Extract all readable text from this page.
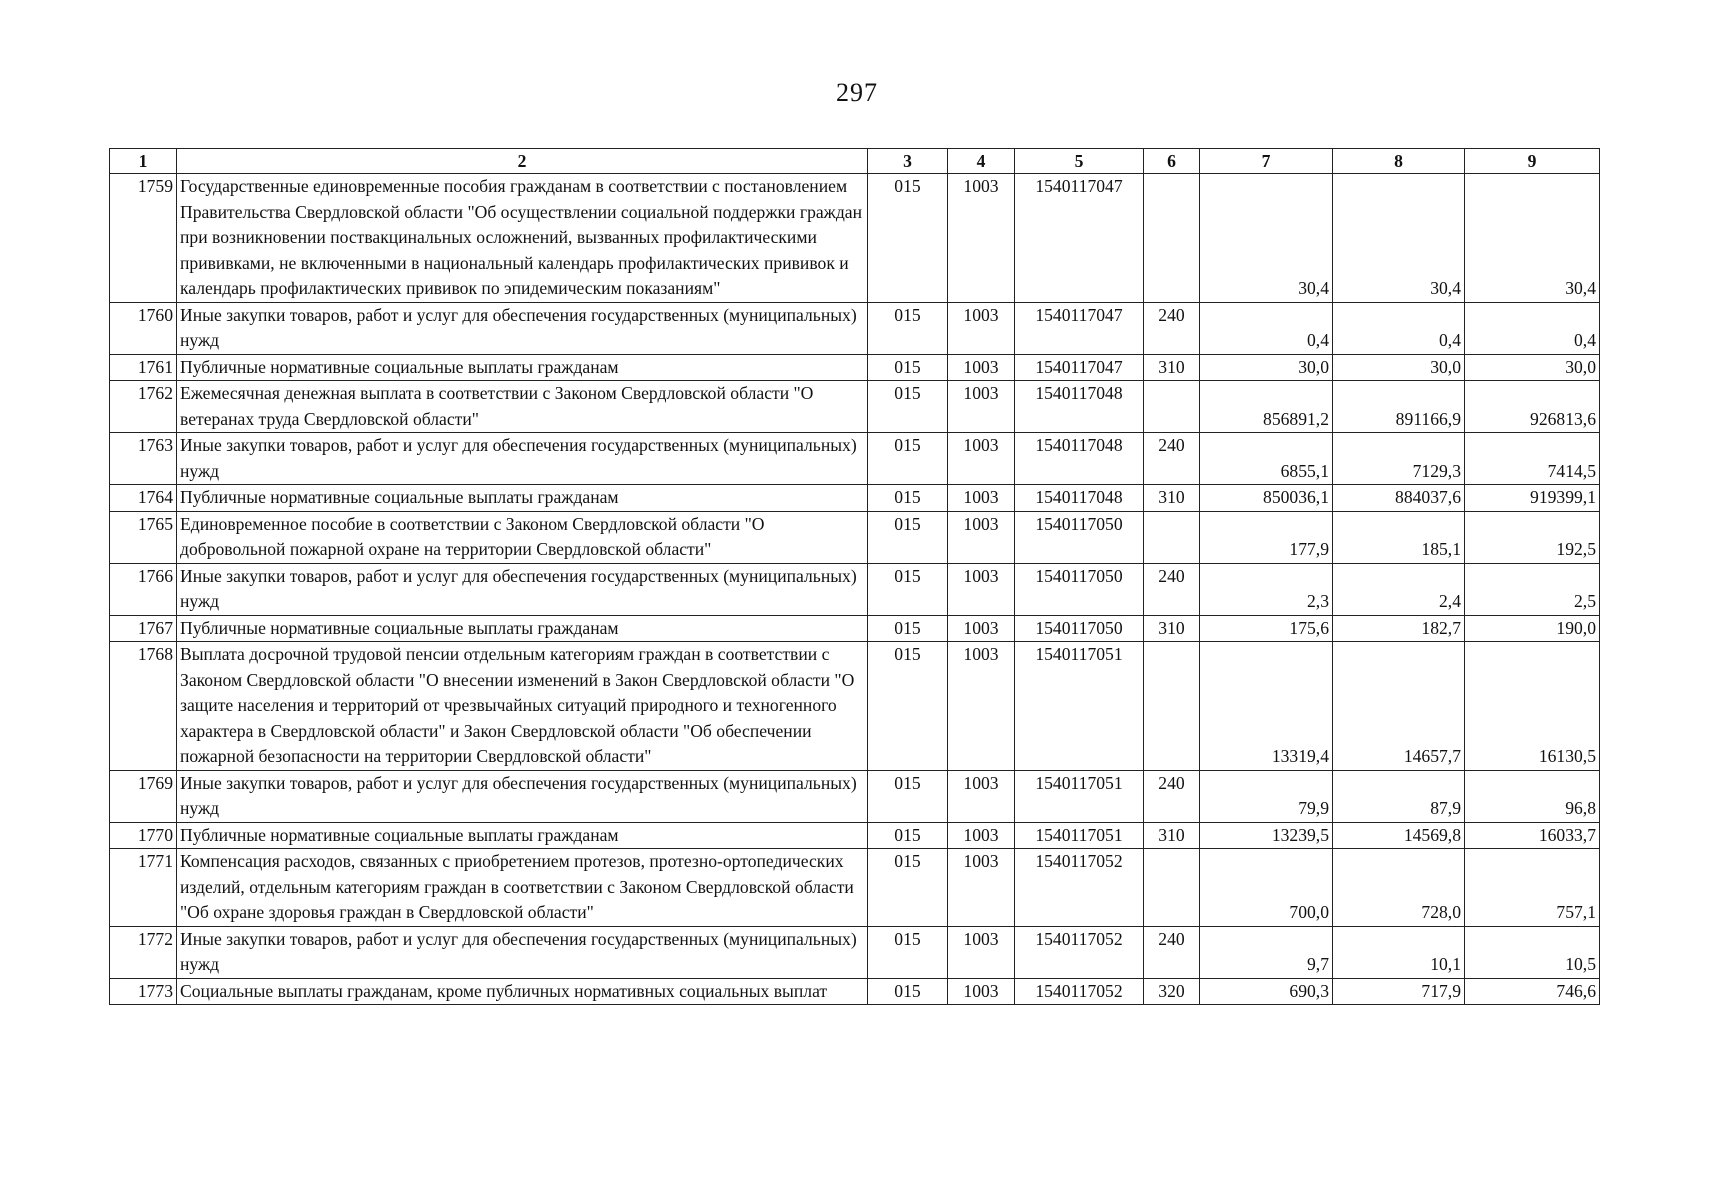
297
1	2	3	4	5	6	7	8	9
1759	Государственные единовременные пособия гражданам в соответствии с постановлением Правительства Свердловской области "Об осуществлении социальной поддержки граждан при возникновении поствакцинальных осложнений, вызванных профилактическими прививками, не включенными в национальный календарь профилактических прививок и календарь профилактических прививок по эпидемическим показаниям"	015	1003	1540117047		30,4	30,4	30,4
1760	Иные закупки товаров, работ и услуг для обеспечения государственных (муниципальных) нужд	015	1003	1540117047	240	0,4	0,4	0,4
1761	Публичные нормативные социальные выплаты гражданам	015	1003	1540117047	310	30,0	30,0	30,0
1762	Ежемесячная денежная выплата в соответствии с Законом Свердловской области "О ветеранах труда Свердловской области"	015	1003	1540117048		856891,2	891166,9	926813,6
1763	Иные закупки товаров, работ и услуг для обеспечения государственных (муниципальных) нужд	015	1003	1540117048	240	6855,1	7129,3	7414,5
1764	Публичные нормативные социальные выплаты гражданам	015	1003	1540117048	310	850036,1	884037,6	919399,1
1765	Единовременное пособие в соответствии с Законом Свердловской области "О добровольной пожарной охране на территории Свердловской области"	015	1003	1540117050		177,9	185,1	192,5
1766	Иные закупки товаров, работ и услуг для обеспечения государственных (муниципальных) нужд	015	1003	1540117050	240	2,3	2,4	2,5
1767	Публичные нормативные социальные выплаты гражданам	015	1003	1540117050	310	175,6	182,7	190,0
1768	Выплата досрочной трудовой пенсии отдельным категориям граждан в соответствии с Законом Свердловской области "О внесении изменений в Закон Свердловской области "О защите населения и территорий от чрезвычайных ситуаций природного и техногенного характера в Свердловской области" и Закон Свердловской области "Об обеспечении пожарной безопасности на территории Свердловской области"	015	1003	1540117051		13319,4	14657,7	16130,5
1769	Иные закупки товаров, работ и услуг для обеспечения государственных (муниципальных) нужд	015	1003	1540117051	240	79,9	87,9	96,8
1770	Публичные нормативные социальные выплаты гражданам	015	1003	1540117051	310	13239,5	14569,8	16033,7
1771	Компенсация расходов, связанных с приобретением протезов, протезно-ортопедических изделий, отдельным категориям граждан в соответствии с Законом Свердловской области "Об охране здоровья граждан в Свердловской области"	015	1003	1540117052		700,0	728,0	757,1
1772	Иные закупки товаров, работ и услуг для обеспечения государственных (муниципальных) нужд	015	1003	1540117052	240	9,7	10,1	10,5
1773	Социальные выплаты гражданам, кроме публичных нормативных социальных выплат	015	1003	1540117052	320	690,3	717,9	746,6
